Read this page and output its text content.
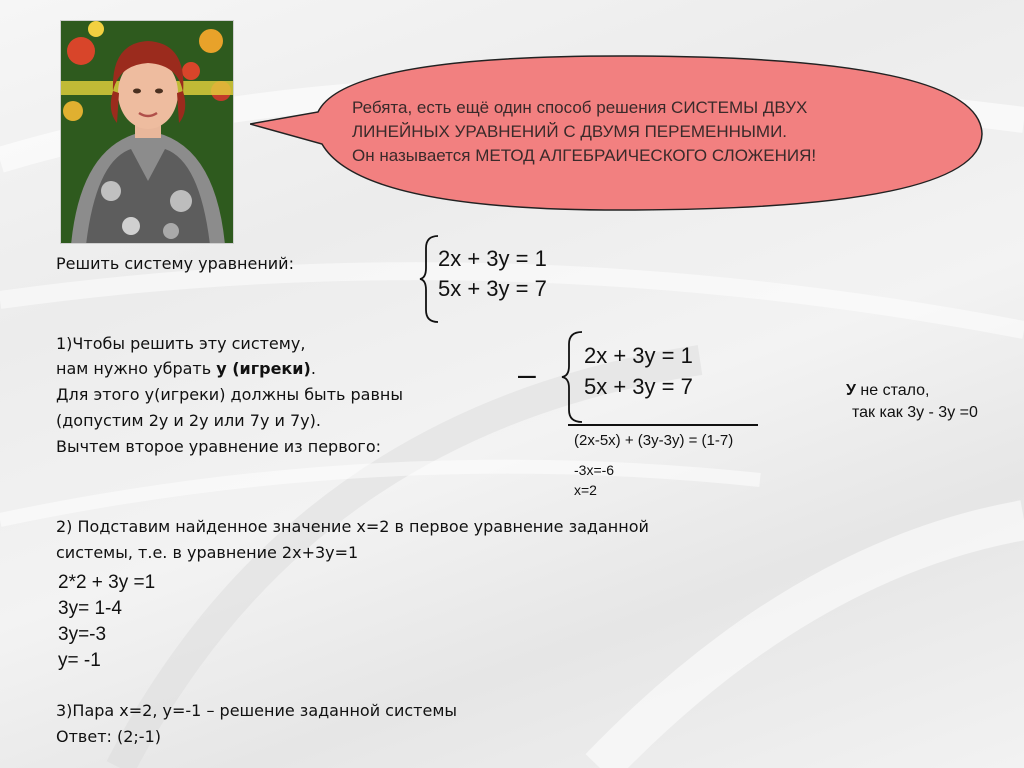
Ребята, есть ещё один способ решения СИСТЕМЫ ДВУХ
ЛИНЕЙНЫХ УРАВНЕНИЙ С ДВУМЯ ПЕРЕМЕННЫМИ.
Он называется МЕТОД АЛГЕБРАИЧЕСКОГО СЛОЖЕНИЯ!
Решить систему уравнений:	2x + 3y = 1
5x + 3y = 7
1)Чтобы решить эту систему,
нам нужно убрать у (игреки).
Для этого у(игреки) должны быть равны
(допустим 2у и 2у или 7у и 7у).
Вычтем второе уравнение из первого:
–
2x + 3y = 1
5x + 3y = 7
(2x-5x) + (3y-3y) = (1-7)
-3x=-6
x=2
У не стало,
так как 3у - 3у =0
2) Подставим найденное значение х=2 в первое уравнение заданной
системы, т.е. в уравнение 2х+3у=1
2*2 + 3y =1
3y= 1-4
3y=-3
y= -1
3)Пара х=2, у=-1 – решение заданной системы
Ответ: (2;-1)
